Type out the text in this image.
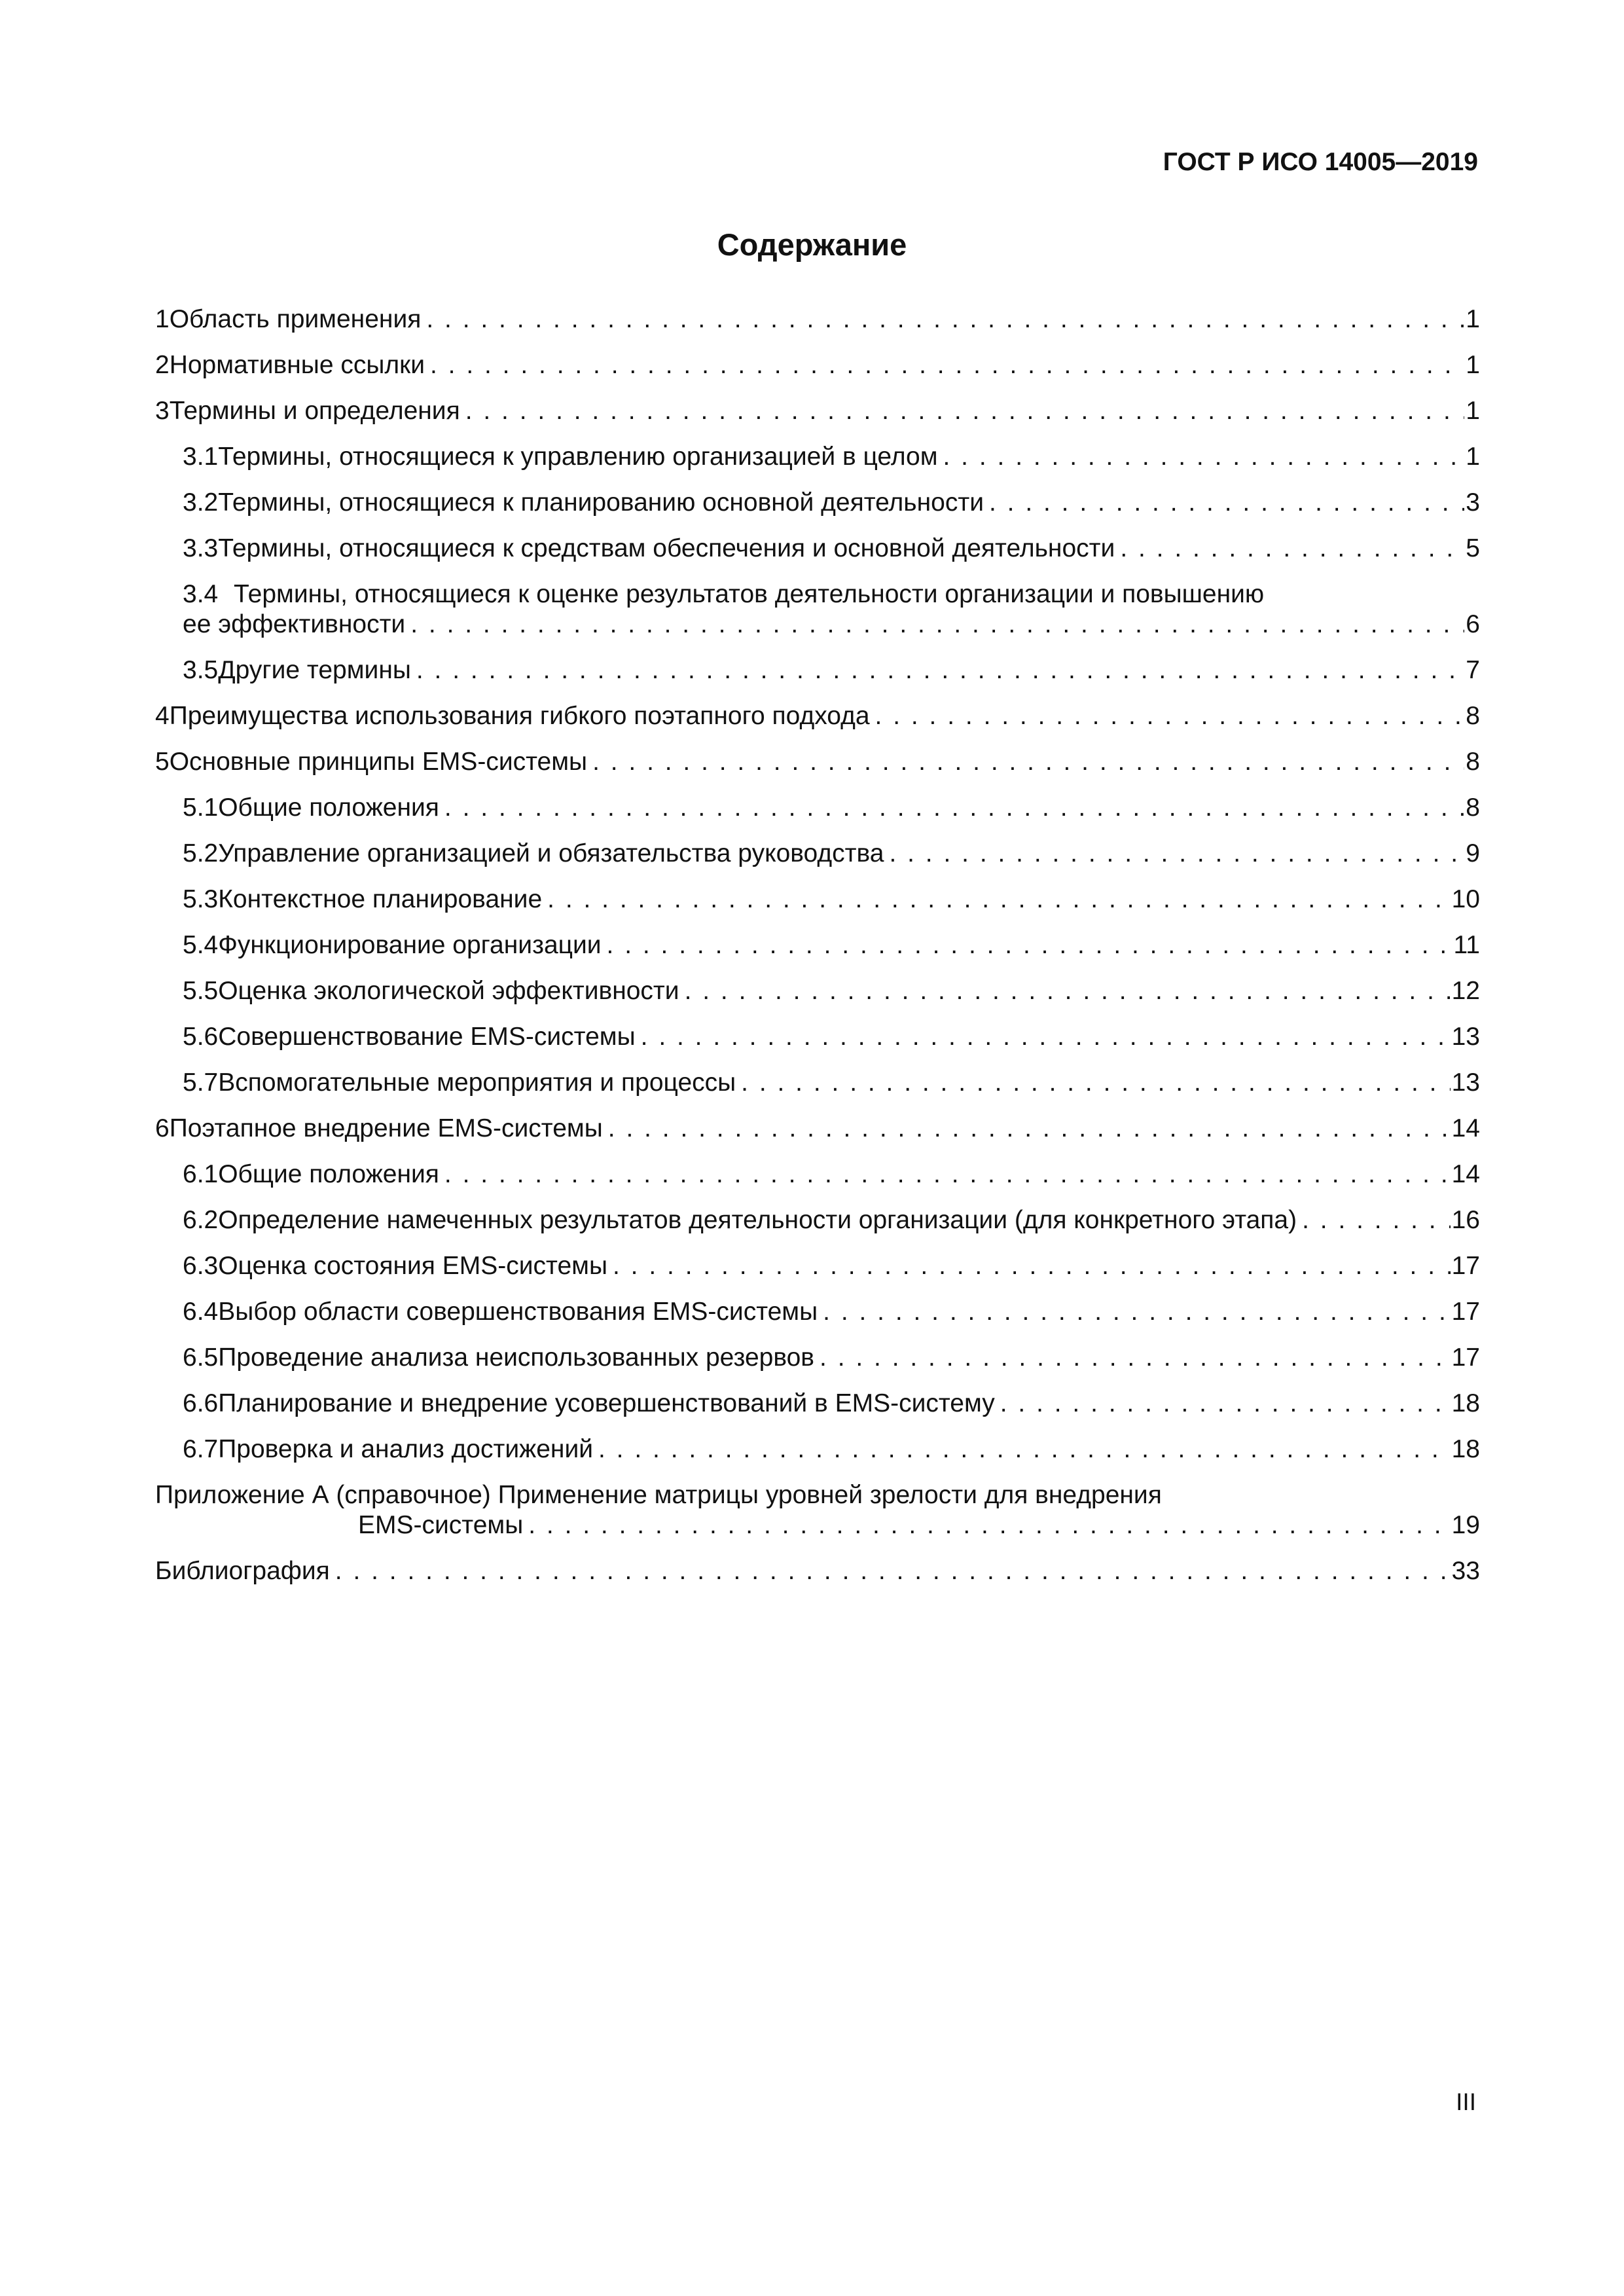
ГОСТ Р ИСО 14005—2019
Содержание
1 Область применения . . .	1
2 Нормативные ссылки . . .	1
3 Термины и определения . . .	1
3.1 Термины, относящиеся к управлению организацией в целом . . .	1
3.2 Термины, относящиеся к планированию основной деятельности . . .	3
3.3 Термины, относящиеся к средствам обеспечения и основной деятельности . . .	5
3.4 Термины, относящиеся к оценке результатов деятельности организации и повышению
ее эффективности . . .	6
3.5 Другие термины . . .	7
4 Преимущества использования гибкого поэтапного подхода . . .	8
5 Основные принципы EMS-системы . . .	8
5.1 Общие положения . . .	8
5.2 Управление организацией и обязательства руководства . . .	9
5.3 Контекстное планирование . . .	10
5.4 Функционирование организации . . .	11
5.5 Оценка экологической эффективности . . .	12
5.6 Совершенствование EMS-системы . . .	13
5.7 Вспомогательные мероприятия и процессы . . .	13
6 Поэтапное внедрение EMS-системы . . .	14
6.1 Общие положения . . .	14
6.2 Определение намеченных результатов деятельности организации (для конкретного этапа) . . .	16
6.3 Оценка состояния EMS-системы . . .	17
6.4 Выбор области совершенствования EMS-системы . . .	17
6.5 Проведение анализа неиспользованных резервов . . .	17
6.6 Планирование и внедрение усовершенствований в EMS-систему . . .	18
6.7 Проверка и анализ достижений . . .	18
Приложение А (справочное) Применение матрицы уровней зрелости для внедрения
EMS-системы . . .	19
Библиография . . .	33
III
